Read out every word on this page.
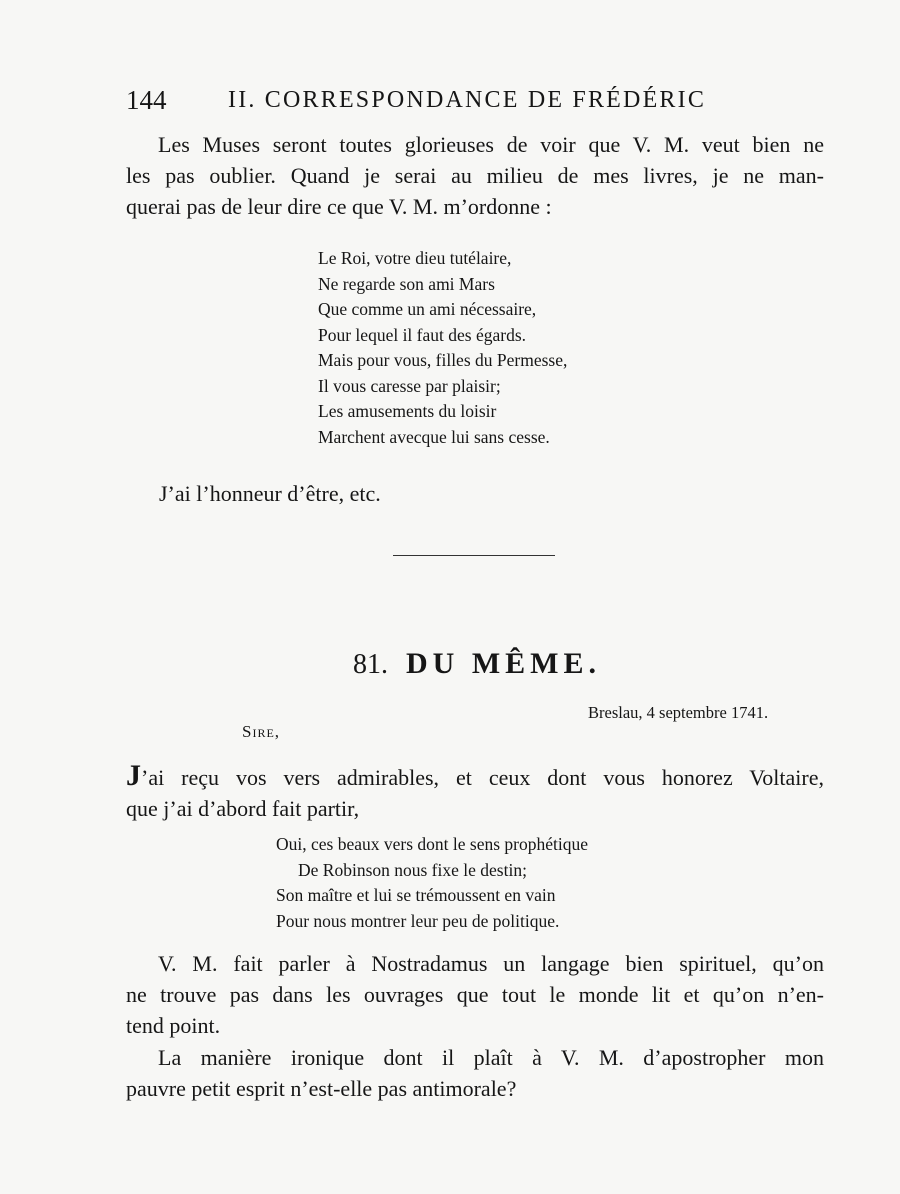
144	II. CORRESPONDANCE DE FRÉDÉRIC

Les Muses seront toutes glorieuses de voir que V. M. veut bien ne
les pas oublier. Quand je serai au milieu de mes livres, je ne man-
querai pas de leur dire ce que V. M. m’ordonne :

Le Roi, votre dieu tutélaire,
Ne regarde son ami Mars
Que comme un ami nécessaire,
Pour lequel il faut des égards.
Mais pour vous, filles du Permesse,
Il vous caresse par plaisir;
Les amusements du loisir
Marchent avecque lui sans cesse.
J’ai l’honneur d’être, etc.
81. DU MÊME.
Breslau, 4 septembre 1741.
Sire,

J’ai reçu vos vers admirables, et ceux dont vous honorez Voltaire,
que j’ai d’abord fait partir,

Oui, ces beaux vers dont le sens prophétique
De Robinson nous fixe le destin;
Son maître et lui se trémoussent en vain
Pour nous montrer leur peu de politique.

V. M. fait parler à Nostradamus un langage bien spirituel, qu’on
ne trouve pas dans les ouvrages que tout le monde lit et qu’on n’en-
tend point.

La manière ironique dont il plaît à V. M. d’apostropher mon
pauvre petit esprit n’est-elle pas antimorale?
